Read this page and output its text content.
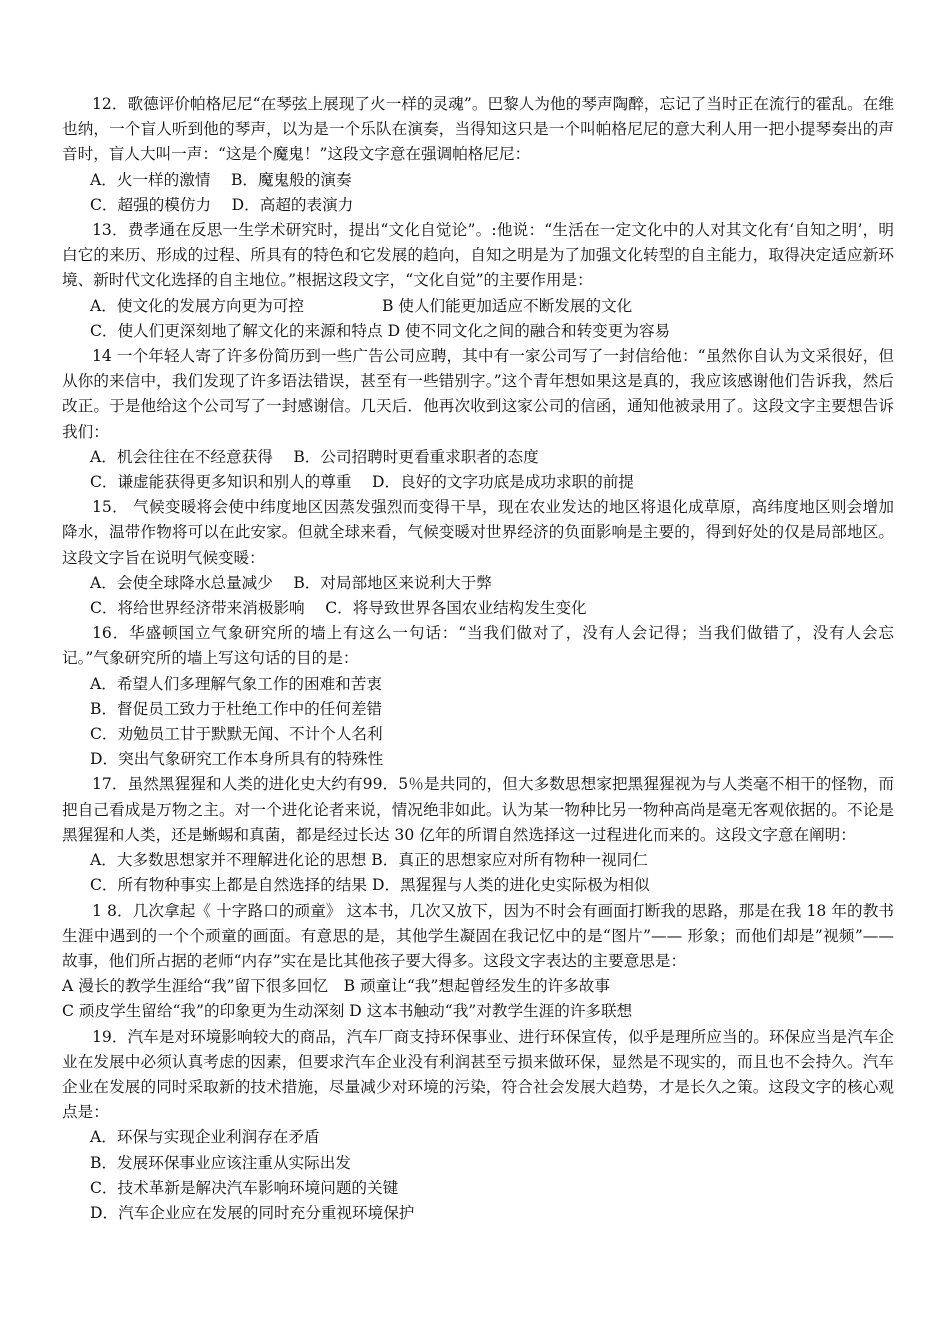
12．歌德评价帕格尼尼“在琴弦上展现了火一样的灵魂”。巴黎人为他的琴声陶醉，忘记了当时正在流行的霍乱。在维也纳，一个盲人听到他的琴声，以为是一个乐队在演奏，当得知这只是一个叫帕格尼尼的意大利人用一把小提琴奏出的声音时，盲人大叫一声：“这是个魔鬼！”这段文字意在强调帕格尼尼：

A．火一样的激情　 B．魔鬼般的演奏

C．超强的模仿力　 D．高超的表演力

13．费孝通在反思一生学术研究时，提出“文化自觉论”。:他说：“生活在一定文化中的人对其文化有‘自知之明’，明白它的来历、形成的过程、所具有的特色和它发展的趋向，自知之明是为了加强文化转型的自主能力，取得决定适应新环境、新时代文化选择的自主地位。”根据这段文字，“文化自觉”的主要作用是：

A．使文化的发展方向更为可控　　　　　B 使人们能更加适应不断发展的文化

C．使人们更深刻地了解文化的来源和特点 D 使不同文化之间的融合和转变更为容易

14 一个年轻人寄了许多份简历到一些广告公司应聘，其中有一家公司写了一封信给他：“虽然你自认为文采很好，但从你的来信中，我们发现了许多语法错误，甚至有一些错别字。”这个青年想如果这是真的，我应该感谢他们告诉我，然后改正。于是他给这个公司写了一封感谢信。几天后．他再次收到这家公司的信函，通知他被录用了。这段文字主要想告诉我们：

A．机会往往在不经意获得　 B．公司招聘时更看重求职者的态度

C．谦虚能获得更多知识和别人的尊重　 D．良好的文字功底是成功求职的前提

15． 气候变暖将会使中纬度地区因蒸发强烈而变得干旱，现在农业发达的地区将退化成草原，高纬度地区则会增加降水，温带作物将可以在此安家。但就全球来看，气候变暖对世界经济的负面影响是主要的，得到好处的仅是局部地区。这段文字旨在说明气候变暖：

A．会使全球降水总量减少　 B．对局部地区来说利大于弊

C．将给世界经济带来消极影响　 C．将导致世界各国农业结构发生变化

16．华盛顿国立气象研究所的墙上有这么一句话：“当我们做对了，没有人会记得；当我们做错了，没有人会忘记。”气象研究所的墙上写这句话的目的是：

A．希望人们多理解气象工作的困难和苦衷

B．督促员工致力于杜绝工作中的任何差错

C．劝勉员工甘于默默无闻、不计个人名利

D．突出气象研究工作本身所具有的特殊性

17．虽然黑猩猩和人类的进化史大约有99．5％是共同的，但大多数思想家把黑猩猩视为与人类毫不相干的怪物，而把自己看成是万物之主。对一个进化论者来说，情况绝非如此。认为某一物种比另一物种高尚是毫无客观依据的。不论是黑猩猩和人类，还是蜥蜴和真菌，都是经过长达 30 亿年的所谓自然选择这一过程进化而来的。这段文字意在阐明：

A．大多数思想家并不理解进化论的思想 B．真正的思想家应对所有物种一视同仁

C．所有物种事实上都是自然选择的结果 D．黑猩猩与人类的进化史实际极为相似

1 8．几次拿起《 十字路口的顽童》 这本书，几次又放下，因为不时会有画面打断我的思路，那是在我 18 年的教书生涯中遇到的一个个顽童的画面。有意思的是，其他学生凝固在我记忆中的是“图片”—— 形象；而他们却是”视频”——故事，他们所占据的老师“内存”实在是比其他孩子要大得多。这段文字表达的主要意思是：

A 漫长的教学生涯给“我”留下很多回忆　B 顽童让“我”想起曾经发生的许多故事

C 顽皮学生留给“我”的印象更为生动深刻 D 这本书触动“我”对教学生涯的许多联想

19．汽车是对环境影响较大的商品，汽车厂商支持环保事业、进行环保宣传，似乎是理所应当的。环保应当是汽车企业在发展中必须认真考虑的因素，但要求汽车企业没有利润甚至亏损来做环保，显然是不现实的，而且也不会持久。汽车企业在发展的同时采取新的技术措施，尽量减少对环境的污染，符合社会发展大趋势，才是长久之策。这段文字的核心观点是：

A．环保与实现企业利润存在矛盾

B．发展环保事业应该注重从实际出发

C．技术革新是解决汽车影响环境问题的关键

D．汽车企业应在发展的同时充分重视环境保护
